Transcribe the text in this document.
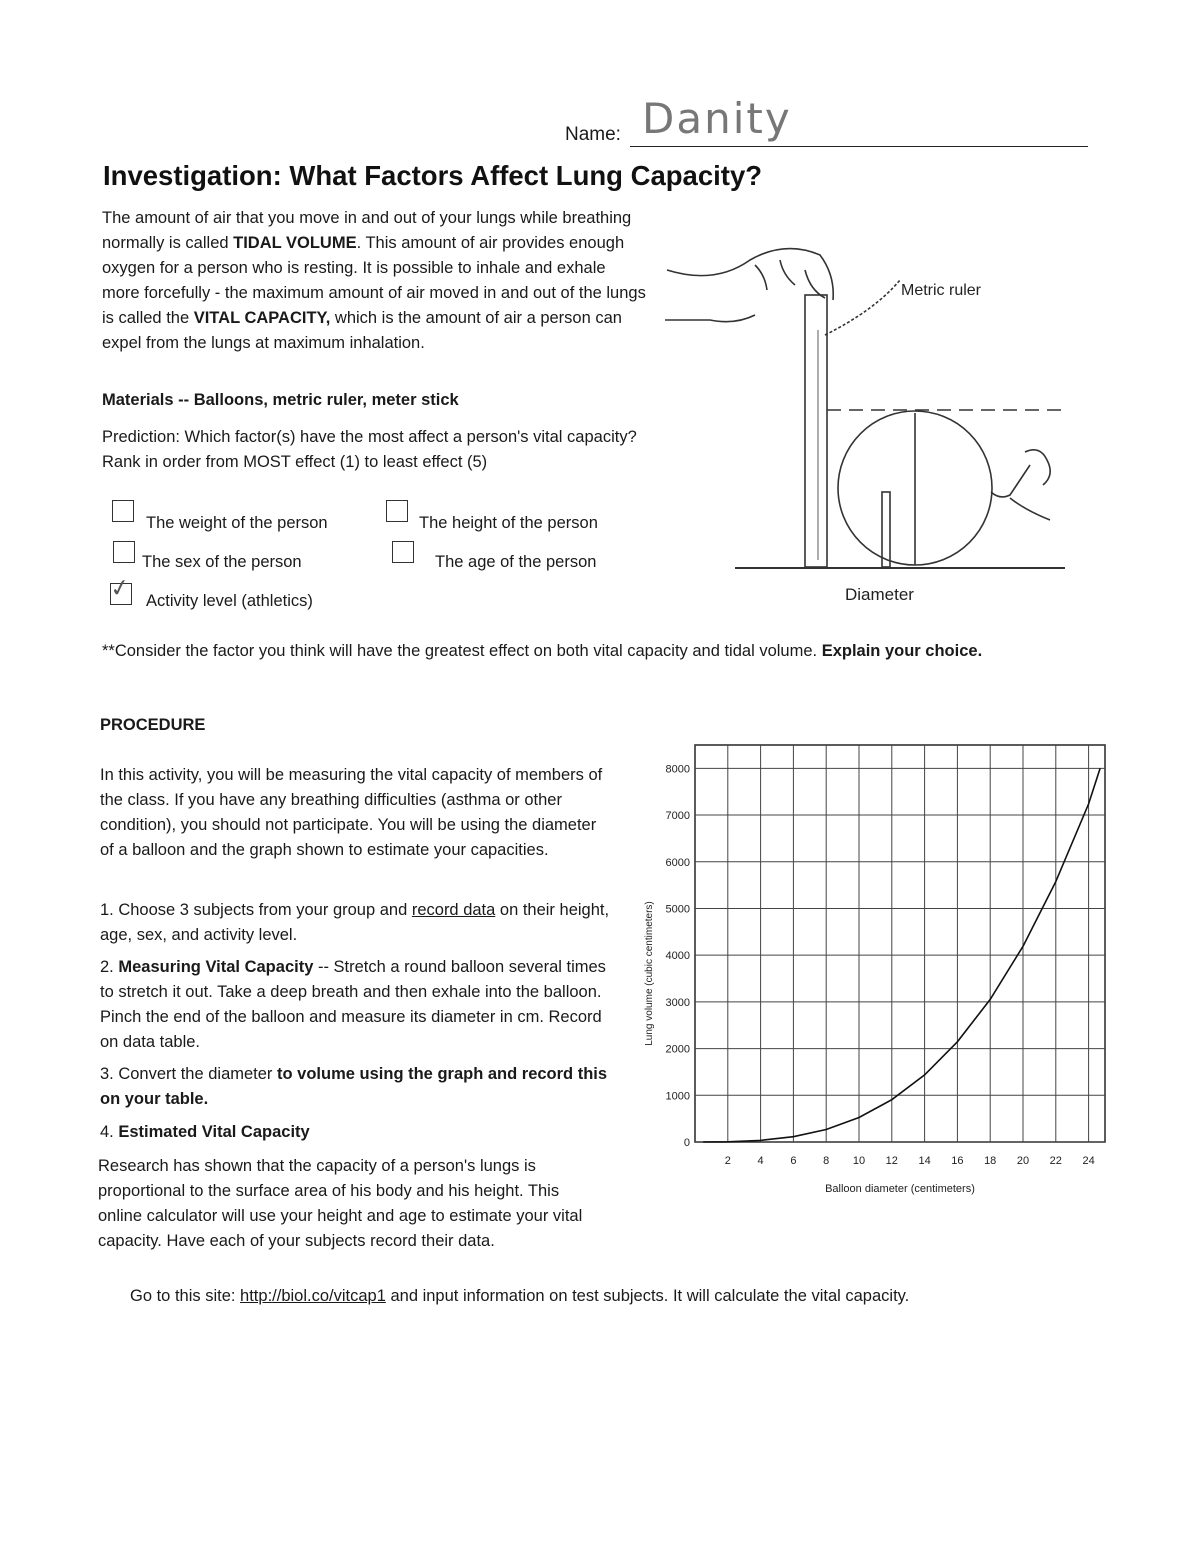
Name: Danity
Investigation: What Factors Affect Lung Capacity?
The amount of air that you move in and out of your lungs while breathing normally is called TIDAL VOLUME. This amount of air provides enough oxygen for a person who is resting. It is possible to inhale and exhale more forcefully - the maximum amount of air moved in and out of the lungs is called the VITAL CAPACITY, which is the amount of air a person can expel from the lungs at maximum inhalation.
Materials -- Balloons, metric ruler, meter stick
Prediction: Which factor(s) have the most affect a person's vital capacity? Rank in order from MOST effect (1) to least effect (5)
The weight of the person	The height of the person
The sex of the person	The age of the person
✓ Activity level (athletics)
Metric ruler
Diameter
**Consider the factor you think will have the greatest effect on both vital capacity and tidal volume. Explain your choice.
PROCEDURE
In this activity, you will be measuring the vital capacity of members of the class. If you have any breathing difficulties (asthma or other condition), you should not participate. You will be using the diameter of a balloon and the graph shown to estimate your capacities.
1. Choose 3 subjects from your group and record data on their height, age, sex, and activity level.
2. Measuring Vital Capacity -- Stretch a round balloon several times to stretch it out. Take a deep breath and then exhale into the balloon. Pinch the end of the balloon and measure its diameter in cm. Record on data table.
3. Convert the diameter to volume using the graph and record this on your table.
4. Estimated Vital Capacity
Research has shown that the capacity of a person's lungs is proportional to the surface area of his body and his height. This online calculator will use your height and age to estimate your vital capacity. Have each of your subjects record their data.
Go to this site: http://biol.co/vitcap1 and input information on test subjects. It will calculate the vital capacity.
2 4 6 8 10 12 14 16 18 20 22 24
0
1000
2000
3000
4000
5000
6000
7000
8000
Balloon diameter (centimeters)
Lung volume (cubic centimeters)
